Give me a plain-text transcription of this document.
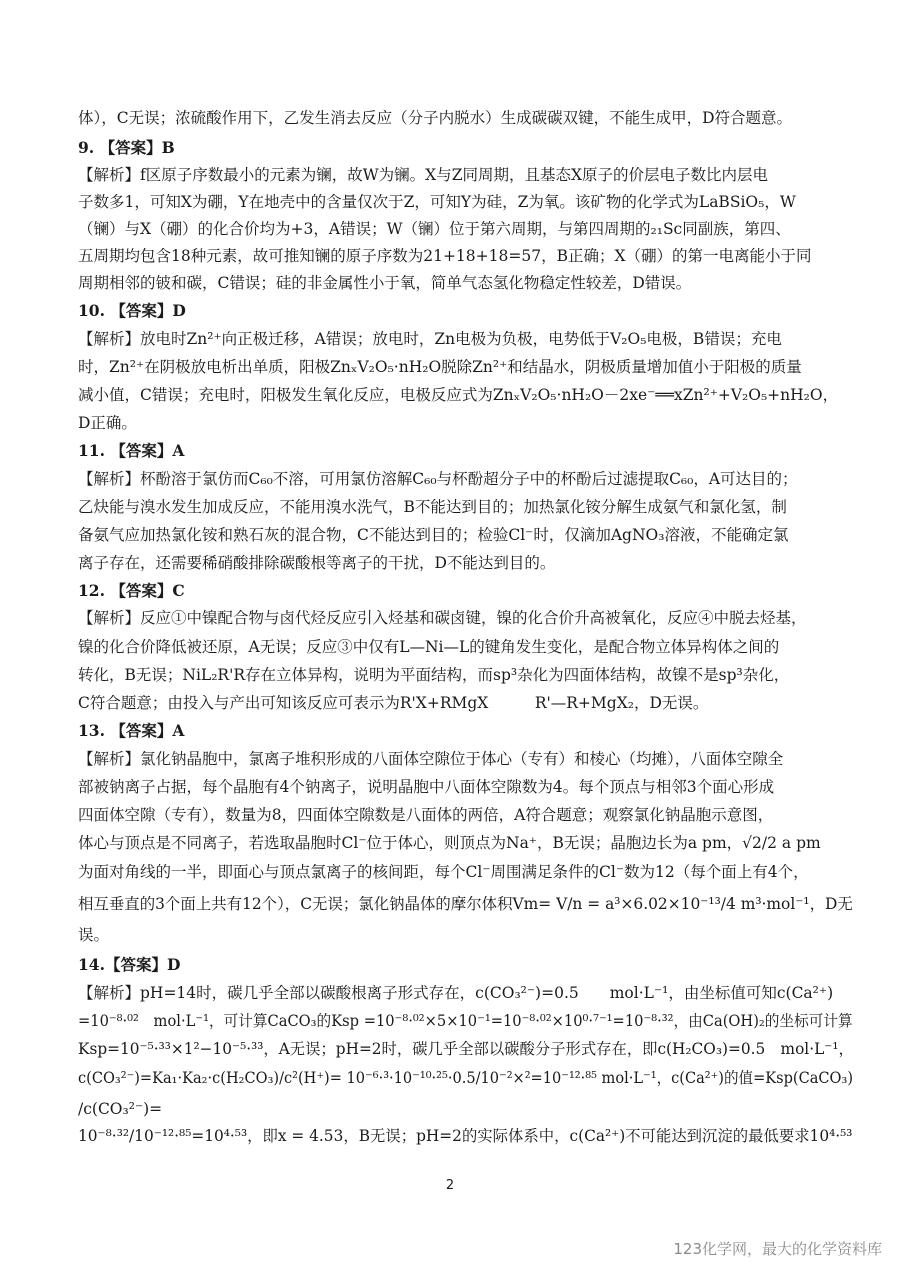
体），C无误；浓硫酸作用下，乙发生消去反应（分子内脱水）生成碳碳双键，不能生成甲，D符合题意。
9. 【答案】B
【解析】f区原子序数最小的元素为镧，故W为镧。X与Z同周期，且基态X原子的价层电子数比内层电
子数多1，可知X为硼，Y在地壳中的含量仅次于Z，可知Y为硅，Z为氧。该矿物的化学式为LaBSiO₅，W
（镧）与X（硼）的化合价均为+3，A错误；W（镧）位于第六周期，与第四周期的₂₁Sc同副族，第四、
五周期均包含18种元素，故可推知镧的原子序数为21+18+18=57，B正确；X（硼）的第一电离能小于同
周期相邻的铍和碳，C错误；硅的非金属性小于氧，简单气态氢化物稳定性较差，D错误。
10. 【答案】D
【解析】放电时Zn²⁺向正极迁移，A错误；放电时，Zn电极为负极，电势低于V₂O₅电极，B错误；充电
时，Zn²⁺在阴极放电析出单质，阳极ZnₓV₂O₅·nH₂O脱除Zn²⁺和结晶水，阴极质量增加值小于阳极的质量
减小值，C错误；充电时，阳极发生氧化反应，电极反应式为ZnₓV₂O₅·nH₂O－2xe⁻══xZn²⁺+V₂O₅+nH₂O，
D正确。
11. 【答案】A
【解析】杯酚溶于氯仿而C₆₀不溶，可用氯仿溶解C₆₀与杯酚超分子中的杯酚后过滤提取C₆₀，A可达目的；
乙炔能与溴水发生加成反应，不能用溴水洗气，B不能达到目的；加热氯化铵分解生成氨气和氯化氢，制
备氨气应加热氯化铵和熟石灰的混合物，C不能达到目的；检验Cl⁻时，仅滴加AgNO₃溶液，不能确定氯
离子存在，还需要稀硝酸排除碳酸根等离子的干扰，D不能达到目的。
12. 【答案】C
【解析】反应①中镍配合物与卤代烃反应引入烃基和碳卤键，镍的化合价升高被氧化，反应④中脱去烃基，
镍的化合价降低被还原，A无误；反应③中仅有L—Ni—L的键角发生变化，是配合物立体异构体之间的
转化，B无误；NiL₂R'R存在立体异构，说明为平面结构，而sp³杂化为四面体结构，故镍不是sp³杂化，
C符合题意；由投入与产出可知该反应可表示为R'X+RMgX　　　R'—R+MgX₂，D无误。
13. 【答案】A
【解析】氯化钠晶胞中，氯离子堆积形成的八面体空隙位于体心（专有）和棱心（均摊），八面体空隙全
部被钠离子占据，每个晶胞有4个钠离子，说明晶胞中八面体空隙数为4。每个顶点与相邻3个面心形成
四面体空隙（专有），数量为8，四面体空隙数是八面体的两倍，A符合题意；观察氯化钠晶胞示意图，
体心与顶点是不同离子，若选取晶胞时Cl⁻位于体心，则顶点为Na⁺，B无误；晶胞边长为a pm，√2/2 a pm
为面对角线的一半，即面心与顶点氯离子的核间距，每个Cl⁻周围满足条件的Cl⁻数为12（每个面上有4个，
相互垂直的3个面上共有12个），C无误；氯化钠晶体的摩尔体积Vm= V/n = a³×6.02×10⁻¹³/4 m³·mol⁻¹，D无
误。
14.【答案】D
【解析】pH=14时，碳几乎全部以碳酸根离子形式存在，c(CO₃²⁻)=0.5　　mol·L⁻¹，由坐标值可知c(Ca²⁺)
=10⁻⁸·⁰²　mol·L⁻¹，可计算CaCO₃的Ksp =10⁻⁸·⁰²×5×10⁻¹=10⁻⁸·⁰²×10⁰·⁷⁻¹=10⁻⁸·³²，由Ca(OH)₂的坐标可计算
Ksp=10⁻⁵·³³×1²−10⁻⁵·³³，A无误；pH=2时，碳几乎全部以碳酸分子形式存在，即c(H₂CO₃)=0.5　mol·L⁻¹，
c(CO₃²⁻)=Ka₁·Ka₂·c(H₂CO₃)/c²(H⁺)= 10⁻⁶·³·10⁻¹⁰·²⁵·0.5/10⁻²×²=10⁻¹²·⁸⁵ mol·L⁻¹，c(Ca²⁺)的值=Ksp(CaCO₃)
/c(CO₃²⁻)=
10⁻⁸·³²/10⁻¹²·⁸⁵=10⁴·⁵³，即x = 4.53，B无误；pH=2的实际体系中，c(Ca²⁺)不可能达到沉淀的最低要求10⁴·⁵³
2
123化学网，最大的化学资料库
